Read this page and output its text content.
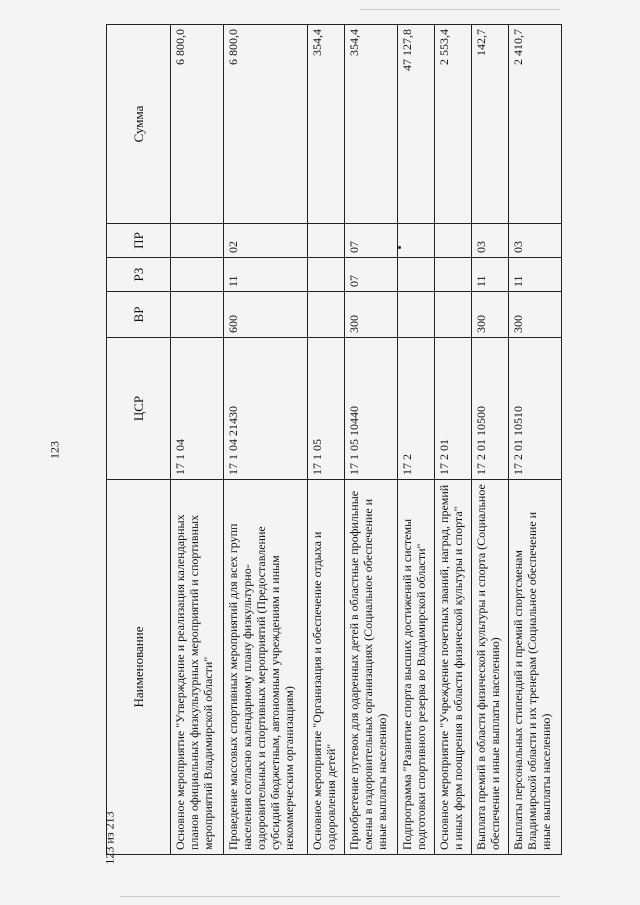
123
123 из 213
Наименование	ЦСР	ВР	РЗ	ПР	Сумма
Основное мероприятие "Утверждение и реализация календарных планов официальных физкультурных мероприятий и спортивных мероприятий Владимирской области"	17 1 04				6 800,0
Проведение массовых спортивных мероприятий для всех групп населения согласно календарному плану физкультурно-оздоровительных и спортивных мероприятий (Предоставление субсидий бюджетным, автономным учреждениям и иным некоммерческим организациям)	17 1 04 21430	600	11	02	6 800,0
Основное мероприятие "Организация и обеспечение отдыха и оздоровления детей"	17 1 05				354,4
Приобретение путевок для одаренных детей в областные профильные смены в оздоровительных организациях (Социальное обеспечение и иные выплаты населению)	17 1 05 10440	300	07	07	354,4
Подпрограмма "Развитие спорта высших достижений и системы подготовки спортивного резерва во Владимирской области"	17 2				47 127,8
Основное мероприятие "Учреждение почетных званий, наград, премий и иных форм поощрения в области физической культуры и спорта"	17 2 01				2 553,4
Выплата премий в области физической культуры и спорта (Социальное обеспечение и иные выплаты населению)	17 2 01 10500	300	11	03	142,7
Выплаты персональных стипендий и премий спортсменам Владимирской области и их тренерам (Социальное обеспечение и иные выплаты населению)	17 2 01 10510	300	11	03	2 410,7
